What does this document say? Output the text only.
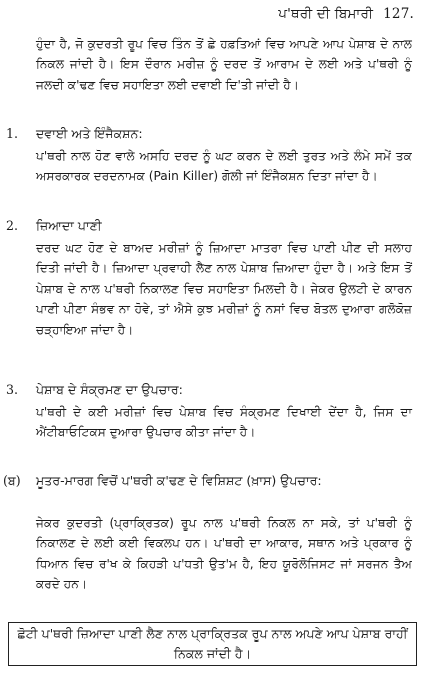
ਪ'ਥਰੀ ਦੀ ਬਿਮਾਰੀ 127.

ਹੁੰਦਾ ਹੈ, ਜੋ ਕੁਦਰਤੀ ਰੂਪ ਵਿਚ ਤਿੰਨ ਤੋਂ ਛੇ ਹਫ਼ਤਿਆਂ ਵਿਚ ਆਪਣੇ ਆਪ ਪੇਸ਼ਾਬ ਦੇ ਨਾਲ ਨਿਕਲ ਜਾਂਦੀ ਹੈ। ਇਸ ਦੌਰਾਨ ਮਰੀਜ਼ ਨੂੰ ਦਰਦ ਤੋਂ ਆਰਾਮ ਦੇ ਲਈ ਅਤੇ ਪ'ਥਰੀ ਨੂੰ ਜਲਦੀ ਕ'ਢਣ ਵਿਚ ਸਹਾਇਤਾ ਲਈ ਦਵਾਈ ਦਿ'ਤੀ ਜਾਂਦੀ ਹੈ।

1.	ਦਵਾਈ ਅਤੇ ਇੰਜੈਕਸ਼ਨ:

ਪ'ਥਰੀ ਨਾਲ ਹੋਣ ਵਾਲੇ ਅਸਹਿ ਦਰਦ ਨੂੰ ਘਟ ਕਰਨ ਦੇ ਲਈ ਤੁਰਤ ਅਤੇ ਲੰਮੇ ਸਮੇਂ ਤਕ ਅਸਰਕਾਰਕ ਦਰਦਨਾਮਕ (Pain Killer) ਗੋਲੀ ਜਾਂ ਇੰਜੈਕਸ਼ਨ ਦਿਤਾ ਜਾਂਦਾ ਹੈ।

2.	ਜ਼ਿਆਦਾ ਪਾਣੀ

ਦਰਦ ਘਟ ਹੋਣ ਦੇ ਬਾਅਦ ਮਰੀਜ਼ਾਂ ਨੂੰ ਜ਼ਿਆਦਾ ਮਾਤਰਾ ਵਿਚ ਪਾਣੀ ਪੀਣ ਦੀ ਸਲਾਹ ਦਿਤੀ ਜਾਂਦੀ ਹੈ। ਜ਼ਿਆਦਾ ਪ੍ਰਵਾਹੀ ਲੈਣ ਨਾਲ ਪੇਸ਼ਾਬ ਜ਼ਿਆਦਾ ਹੁੰਦਾ ਹੈ। ਅਤੇ ਇਸ ਤੋਂ ਪੇਸ਼ਾਬ ਦੇ ਨਾਲ ਪ'ਥਰੀ ਨਿਕਾਲਣ ਵਿਚ ਸਹਾਇਤਾ ਮਿਲਦੀ ਹੈ। ਜੇਕਰ ਉਲਟੀ ਦੇ ਕਾਰਨ ਪਾਣੀ ਪੀਣਾ ਸੰਭਵ ਨਾ ਹੋਵੇ, ਤਾਂ ਐਸੇ ਕੁਝ ਮਰੀਜ਼ਾਂ ਨੂੰ ਨਸਾਂ ਵਿਚ ਬੋਤਲ ਦੁਆਰਾ ਗਲੋਕੋਜ਼ ਚੜ੍ਹਾਇਆ ਜਾਂਦਾ ਹੈ।

3.	ਪੇਸ਼ਾਬ ਦੇ ਸੰਕ੍ਰਮਣ ਦਾ ਉਪਚਾਰ:

ਪ'ਥਰੀ ਦੇ ਕਈ ਮਰੀਜ਼ਾਂ ਵਿਚ ਪੇਸ਼ਾਬ ਵਿਚ ਸੰਕ੍ਰਮਣ ਦਿਖਾਈ ਦੇਂਦਾ ਹੈ, ਜਿਸ ਦਾ ਐਂਟੀਬਾਓਟਿਕਸ ਦੁਆਰਾ ਉਪਚਾਰ ਕੀਤਾ ਜਾਂਦਾ ਹੈ।

(ਬ)	ਮੂਤਰ-ਮਾਰਗ ਵਿਚੋਂ ਪ'ਥਰੀ ਕ'ਢਣ ਦੇ ਵਿਸ਼ਿਸ਼ਟ (ਖ਼ਾਸ) ਉਪਚਾਰ:

ਜੇਕਰ ਕੁਦਰਤੀ (ਪ੍ਰਾਕ੍ਰਿਤਕ) ਰੂਪ ਨਾਲ ਪ'ਥਰੀ ਨਿਕਲ ਨਾ ਸਕੇ, ਤਾਂ ਪ'ਥਰੀ ਨੂੰ ਨਿਕਾਲਣ ਦੇ ਲਈ ਕਈ ਵਿਕਲਪ ਹਨ। ਪ'ਥਰੀ ਦਾ ਆਕਾਰ, ਸਥਾਨ ਅਤੇ ਪ੍ਰਕਾਰ ਨੂੰ ਧਿਆਨ ਵਿਚ ਰ'ਖ ਕੇ ਕਿਹੜੀ ਪ'ਧਤੀ ਉਤ'ਮ ਹੈ, ਇਹ ਯੂਰੋਲੋਜਿਸਟ ਜਾਂ ਸਰਜਨ ਤੈਅ ਕਰਦੇ ਹਨ।

ਛੋਟੀ ਪ'ਥਰੀ ਜ਼ਿਆਦਾ ਪਾਣੀ ਲੈਣ ਨਾਲ ਪ੍ਰਾਕ੍ਰਿਤਕ ਰੂਪ ਨਾਲ ਅਪਣੇ ਆਪ ਪੇਸ਼ਾਬ ਰਾਹੀਂ ਨਿਕਲ ਜਾਂਦੀ ਹੈ।
